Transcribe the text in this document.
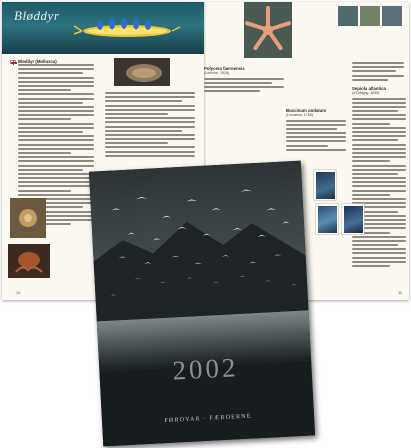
Bløddyr
Bløddyr (Mollusca)
10
Polycera faeroensis
(Lemche, 1929)
Buccinum undatum
(Linnaeus, 1758)
Sepiola atlantica
(d'Orbigny, 1839)
11
2002
FØROYAR · FÆROERNE
